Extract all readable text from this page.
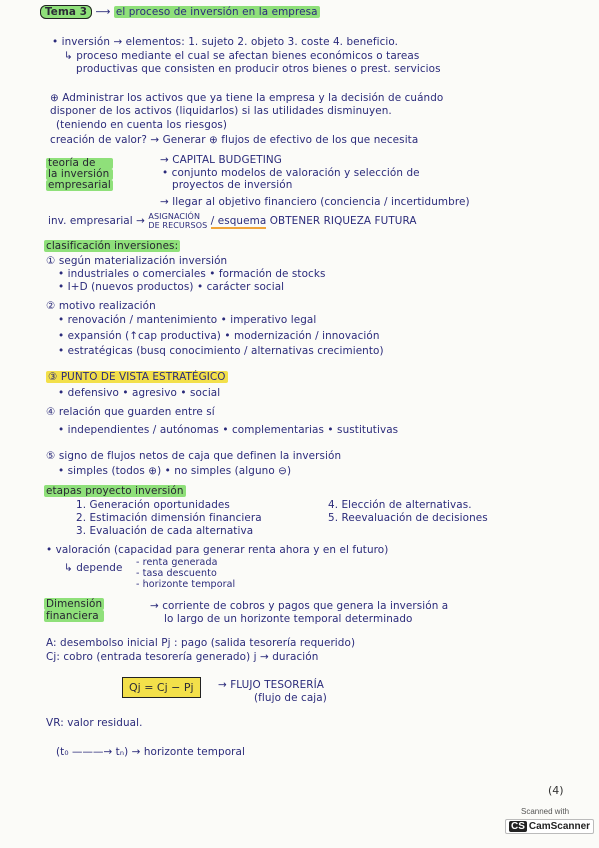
Tema 3 ⟶ el proceso de inversión en la empresa
• inversión → elementos: 1. sujeto 2. objeto 3. coste 4. beneficio.
↳ proceso mediante el cual se afectan bienes económicos o tareas
productivas que consisten en producir otros bienes o prest. servicios
⊕ Administrar los activos que ya tiene la empresa y la decisión de cuándo
disponer de los activos (liquidarlos) si las utilidades disminuyen.
(teniendo en cuenta los riesgos)
creación de valor? → Generar ⊕ flujos de efectivo de los que necesita
teoría de
la inversión
empresarial
→ CAPITAL BUDGETING
• conjunto modelos de valoración y selección de
proyectos de inversión
→ llegar al objetivo financiero (conciencia / incertidumbre)
inv. empresarial → ASIGNACIÓN
DE RECURSOS / esquema OBTENER RIQUEZA FUTURA
clasificación inversiones:
① según materialización inversión
• industriales o comerciales • formación de stocks
• I+D (nuevos productos) • carácter social
② motivo realización
• renovación / mantenimiento • imperativo legal
• expansión (↑cap productiva) • modernización / innovación
• estratégicas (busq conocimiento / alternativas crecimiento)
③ PUNTO DE VISTA ESTRATÉGICO
• defensivo • agresivo • social
④ relación que guarden entre sí
• independientes / autónomas • complementarias • sustitutivas
⑤ signo de flujos netos de caja que definen la inversión
• simples (todos ⊕) • no simples (alguno ⊖)
etapas proyecto inversión
1. Generación oportunidades
2. Estimación dimensión financiera
3. Evaluación de cada alternativa
4. Elección de alternativas.
5. Reevaluación de decisiones
• valoración (capacidad para generar renta ahora y en el futuro)
↳ depende - renta generada
- tasa descuento
- horizonte temporal
Dimensión
financiera
→ corriente de cobros y pagos que genera la inversión a
lo largo de un horizonte temporal determinado
A: desembolso inicial Pj : pago (salida tesorería requerido)
Cj: cobro (entrada tesorería generado) j → duración
Qj = Cj − Pj	→ FLUJO TESORERÍA
(flujo de caja)
VR: valor residual.
(t₀ ———→ tₙ) → horizonte temporal
(4)
Scanned with
CS CamScanner
